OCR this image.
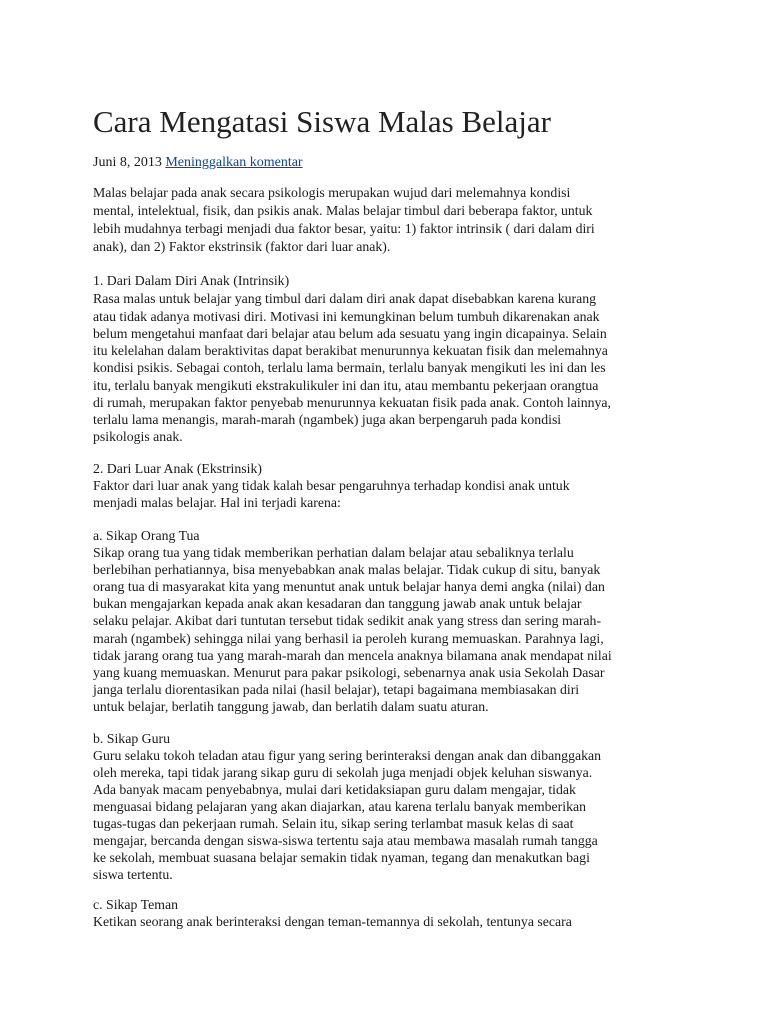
Cara Mengatasi Siswa Malas Belajar
Juni 8, 2013 Meninggalkan komentar
Malas belajar pada anak secara psikologis merupakan wujud dari melemahnya kondisi
mental, intelektual, fisik, dan psikis anak. Malas belajar timbul dari beberapa faktor, untuk
lebih mudahnya terbagi menjadi dua faktor besar, yaitu: 1) faktor intrinsik ( dari dalam diri
anak), dan 2) Faktor ekstrinsik (faktor dari luar anak).
1. Dari Dalam Diri Anak (Intrinsik)
Rasa malas untuk belajar yang timbul dari dalam diri anak dapat disebabkan karena kurang
atau tidak adanya motivasi diri. Motivasi ini kemungkinan belum tumbuh dikarenakan anak
belum mengetahui manfaat dari belajar atau belum ada sesuatu yang ingin dicapainya. Selain
itu kelelahan dalam beraktivitas dapat berakibat menurunnya kekuatan fisik dan melemahnya
kondisi psikis. Sebagai contoh, terlalu lama bermain, terlalu banyak mengikuti les ini dan les
itu, terlalu banyak mengikuti ekstrakulikuler ini dan itu, atau membantu pekerjaan orangtua
di rumah, merupakan faktor penyebab menurunnya kekuatan fisik pada anak. Contoh lainnya,
terlalu lama menangis, marah-marah (ngambek) juga akan berpengaruh pada kondisi
psikologis anak.
2. Dari Luar Anak (Ekstrinsik)
Faktor dari luar anak yang tidak kalah besar pengaruhnya terhadap kondisi anak untuk
menjadi malas belajar. Hal ini terjadi karena:
a. Sikap Orang Tua
Sikap orang tua yang tidak memberikan perhatian dalam belajar atau sebaliknya terlalu
berlebihan perhatiannya, bisa menyebabkan anak malas belajar. Tidak cukup di situ, banyak
orang tua di masyarakat kita yang menuntut anak untuk belajar hanya demi angka (nilai) dan
bukan mengajarkan kepada anak akan kesadaran dan tanggung jawab anak untuk belajar
selaku pelajar. Akibat dari tuntutan tersebut tidak sedikit anak yang stress dan sering marah-
marah (ngambek) sehingga nilai yang berhasil ia peroleh kurang memuaskan. Parahnya lagi,
tidak jarang orang tua yang marah-marah dan mencela anaknya bilamana anak mendapat nilai
yang kuang memuaskan. Menurut para pakar psikologi, sebenarnya anak usia Sekolah Dasar
janga terlalu diorentasikan pada nilai (hasil belajar), tetapi bagaimana membiasakan diri
untuk belajar, berlatih tanggung jawab, dan berlatih dalam suatu aturan.
b. Sikap Guru
Guru selaku tokoh teladan atau figur yang sering berinteraksi dengan anak dan dibanggakan
oleh mereka, tapi tidak jarang sikap guru di sekolah juga menjadi objek keluhan siswanya.
Ada banyak macam penyebabnya, mulai dari ketidaksiapan guru dalam mengajar, tidak
menguasai bidang pelajaran yang akan diajarkan, atau karena terlalu banyak memberikan
tugas-tugas dan pekerjaan rumah. Selain itu, sikap sering terlambat masuk kelas di saat
mengajar, bercanda dengan siswa-siswa tertentu saja atau membawa masalah rumah tangga
ke sekolah, membuat suasana belajar semakin tidak nyaman, tegang dan menakutkan bagi
siswa tertentu.
c. Sikap Teman
Ketikan seorang anak berinteraksi dengan teman-temannya di sekolah, tentunya secara
